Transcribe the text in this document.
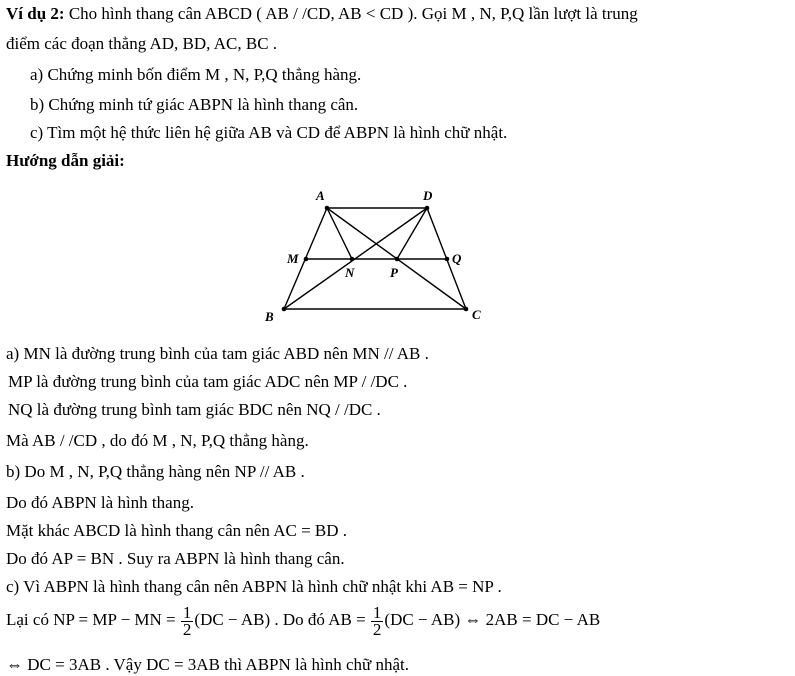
Ví dụ 2: Cho hình thang cân ABCD ( AB / /CD, AB < CD ). Gọi M , N, P,Q lần lượt là trung
điểm các đoạn thẳng AD, BD, AC, BC .
a) Chứng minh bốn điểm M , N, P,Q thẳng hàng.
b) Chứng minh tứ giác ABPN là hình thang cân.
c) Tìm một hệ thức liên hệ giữa AB và CD để ABPN là hình chữ nhật.
Hướng dẫn giải:
A	D
M
N	P
Q
B	C
a) MN là đường trung bình của tam giác ABD nên MN // AB .
MP là đường trung bình của tam giác ADC nên MP / /DC .
NQ là đường trung bình tam giác BDC nên NQ / /DC .
Mà AB / /CD , do đó M , N, P,Q thẳng hàng.
b) Do M , N, P,Q thẳng hàng nên NP // AB .
Do đó ABPN là hình thang.
Mặt khác ABCD là hình thang cân nên AC = BD .
Do đó AP = BN . Suy ra ABPN là hình thang cân.
c) Vì ABPN là hình thang cân nên ABPN là hình chữ nhật khi AB = NP .
Lại có NP = MP − MN = $\frac{1}{2} (DC - AB)$ . Do đó AB = $\frac{1}{2} (DC - AB)$ ⇔ 2AB = DC − AB
⇔ DC = 3AB . Vậy DC = 3AB thì ABPN là hình chữ nhật.
